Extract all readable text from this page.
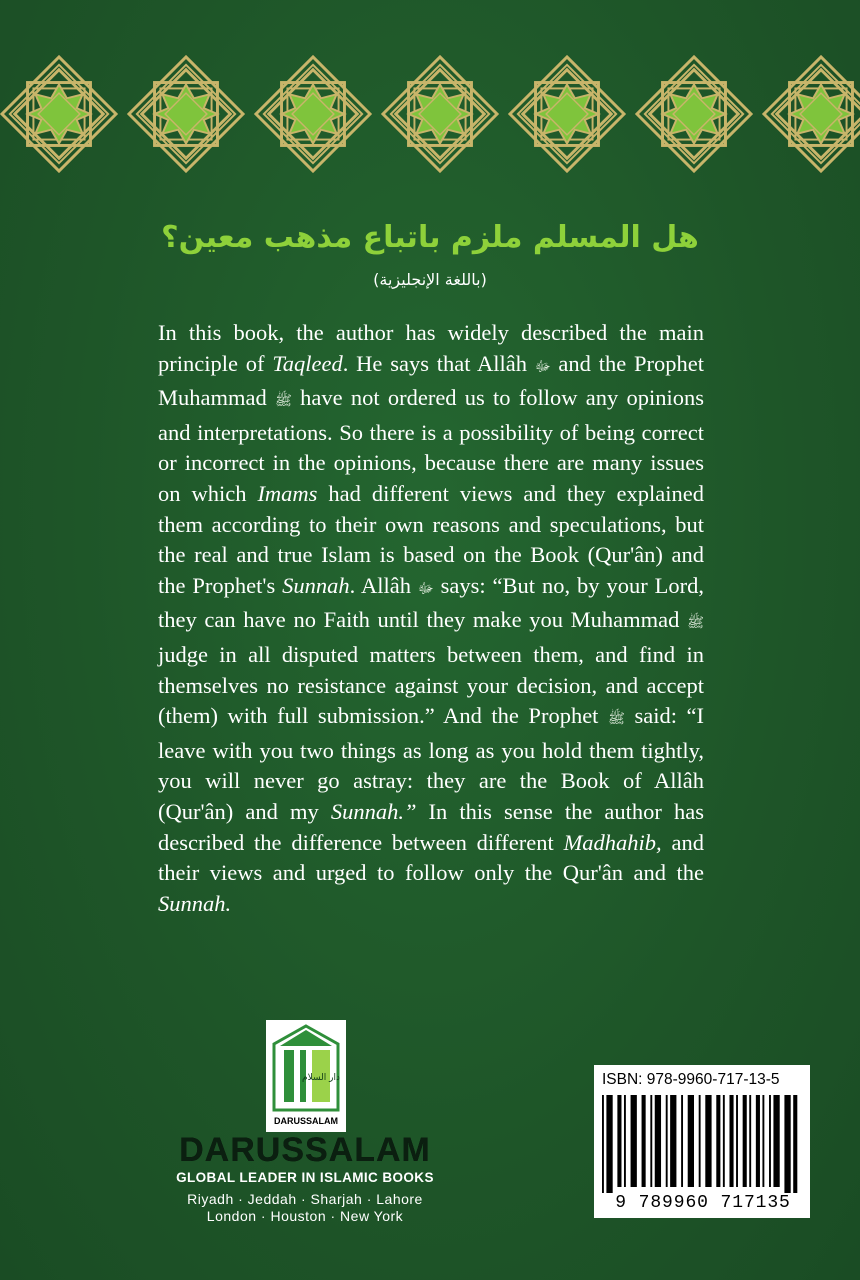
هل المسلم ملزم باتباع مذهب معين؟
(باللغة الإنجليزية)

In this book, the author has widely described the main principle of Taqleed. He says that Allâh ﷻ and the Prophet Muhammad ﷺ have not ordered us to follow any opinions and interpretations. So there is a possibility of being correct or incorrect in the opinions, because there are many issues on which Imams had different views and they explained them according to their own reasons and speculations, but the real and true Islam is based on the Book (Qur'ân) and the Prophet's Sunnah. Allâh ﷻ says: “But no, by your Lord, they can have no Faith until they make you Muhammad ﷺ judge in all disputed matters between them, and find in themselves no resistance against your decision, and accept (them) with full submission.” And the Prophet ﷺ said: “I leave with you two things as long as you hold them tightly, you will never go astray: they are the Book of Allâh (Qur'ân) and my Sunnah.” In this sense the author has described the difference between different Madhahib, and their views and urged to follow only the Qur'ân and the Sunnah.

دار السلام
DARUSSALAM
DARUSSALAM
GLOBAL LEADER IN ISLAMIC BOOKS
Riyadh · Jeddah · Sharjah · Lahore
London · Houston · New York
ISBN: 978-9960-717-13-5
9 789960 717135
